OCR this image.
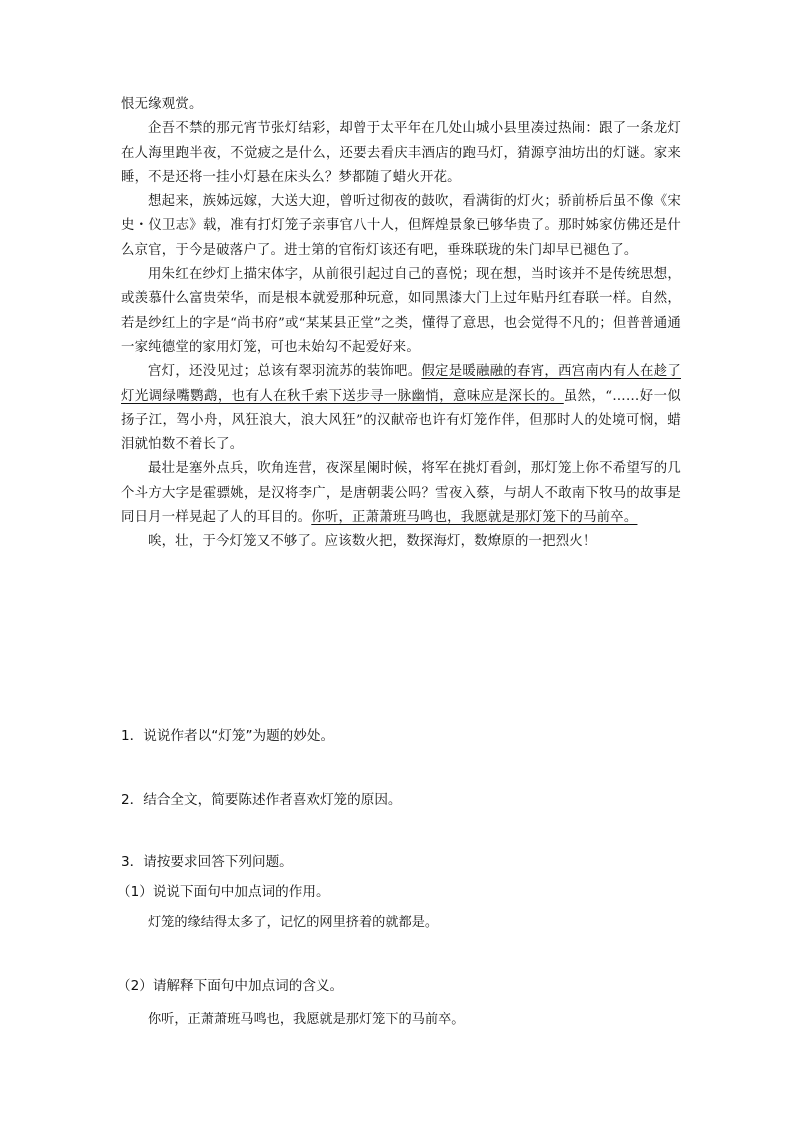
恨无缘观赏。

企吾不禁的那元宵节张灯结彩，却曾于太平年在几处山城小县里凑过热闹：跟了一条龙灯在人海里跑半夜，不觉疲之是什么，还要去看庆丰酒店的跑马灯，猜源亨油坊出的灯谜。家来睡，不是还将一挂小灯悬在床头么？梦都随了蜡火开花。

想起来，族姊远嫁，大送大迎，曾听过彻夜的鼓吹，看满街的灯火；骄前桥后虽不像《宋史・仪卫志》载，准有打灯笼子亲事官八十人，但辉煌景象已够华贵了。那时姊家仿佛还是什么京官，于今是破落户了。进士第的官衔灯该还有吧，垂珠联珑的朱门却早已褪色了。

用朱红在纱灯上描宋体字，从前很引起过自己的喜悦；现在想，当时该并不是传统思想，或羡慕什么富贵荣华，而是根本就爱那种玩意，如同黑漆大门上过年贴丹红春联一样。自然，若是纱红上的字是“尚书府”或“某某县正堂”之类，懂得了意思，也会觉得不凡的；但普普通通一家纯德堂的家用灯笼，可也未始勾不起爱好来。

宫灯，还没见过；总该有翠羽流苏的装饰吧。假定是暖融融的春宵，西宫南内有人在趁了灯光调绿嘴鹦鹉，也有人在秋千索下送步寻一脉幽悄，意味应是深长的。虽然，“……好一似扬子江，驾小舟，风狂浪大，浪大风狂”的汉献帝也许有灯笼作伴，但那时人的处境可悯，蜡泪就怕数不着长了。

最壮是塞外点兵，吹角连营，夜深星阑时候，将军在挑灯看剑，那灯笼上你不希望写的几个斗方大字是霍骠姚，是汉将李广，是唐朝裴公吗？雪夜入蔡，与胡人不敢南下牧马的故事是同日月一样晃起了人的耳目的。你听，正萧萧班马鸣也，我愿就是那灯笼下的马前卒。

唉，壮，于今灯笼又不够了。应该数火把，数探海灯，数燎原的一把烈火！

1．说说作者以“灯笼”为题的妙处。

2．结合全文，简要陈述作者喜欢灯笼的原因。

3．请按要求回答下列问题。

（1）说说下面句中加点词的作用。

灯笼的缘结得太多了，记忆的网里挤着的就都是。

（2）请解释下面句中加点词的含义。

你听，正萧萧班马鸣也，我愿就是那灯笼下的马前卒。
